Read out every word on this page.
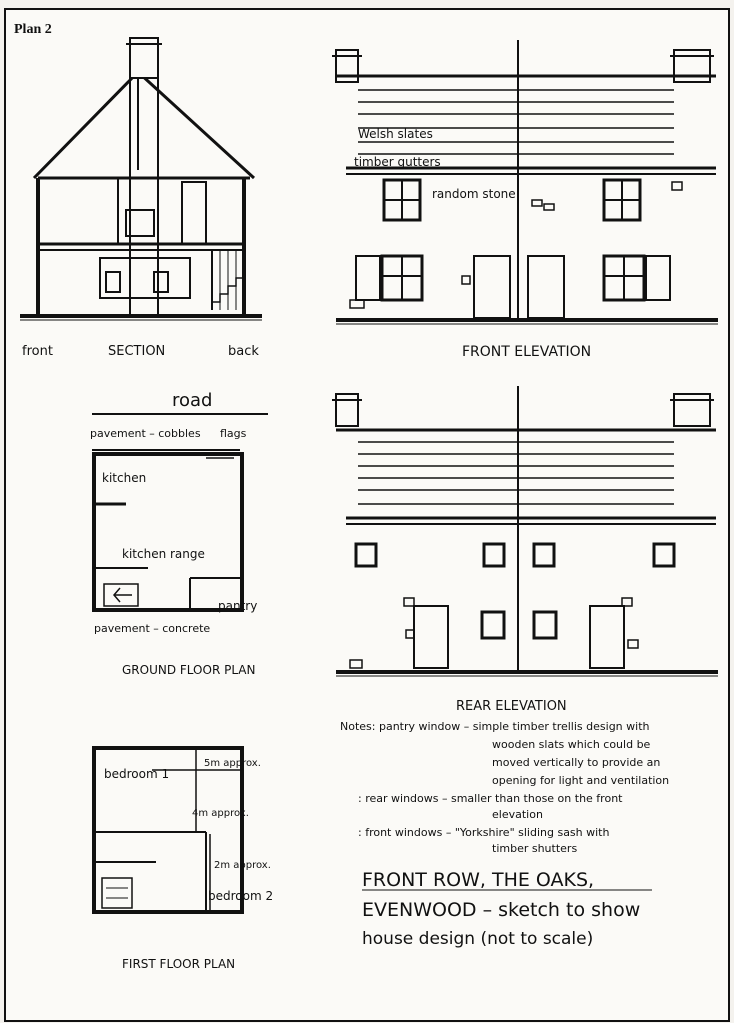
Plan 2
front	SECTION	back
Welsh slates
timber gutters
random stone
FRONT ELEVATION
REAR ELEVATION
road
pavement – cobbles flags
kitchen
kitchen range
pantry
pavement – concrete
GROUND FLOOR PLAN
bedroom 1
5m approx.
4m approx.
2m approx.
bedroom 2
FIRST FLOOR PLAN
Notes: pantry window – simple timber trellis design with
wooden slats which could be
moved vertically to provide an
opening for light and ventilation
: rear windows – smaller than those on the front
elevation
: front windows – "Yorkshire" sliding sash with
timber shutters
FRONT ROW, THE OAKS,
EVENWOOD – sketch to show
house design (not to scale)
